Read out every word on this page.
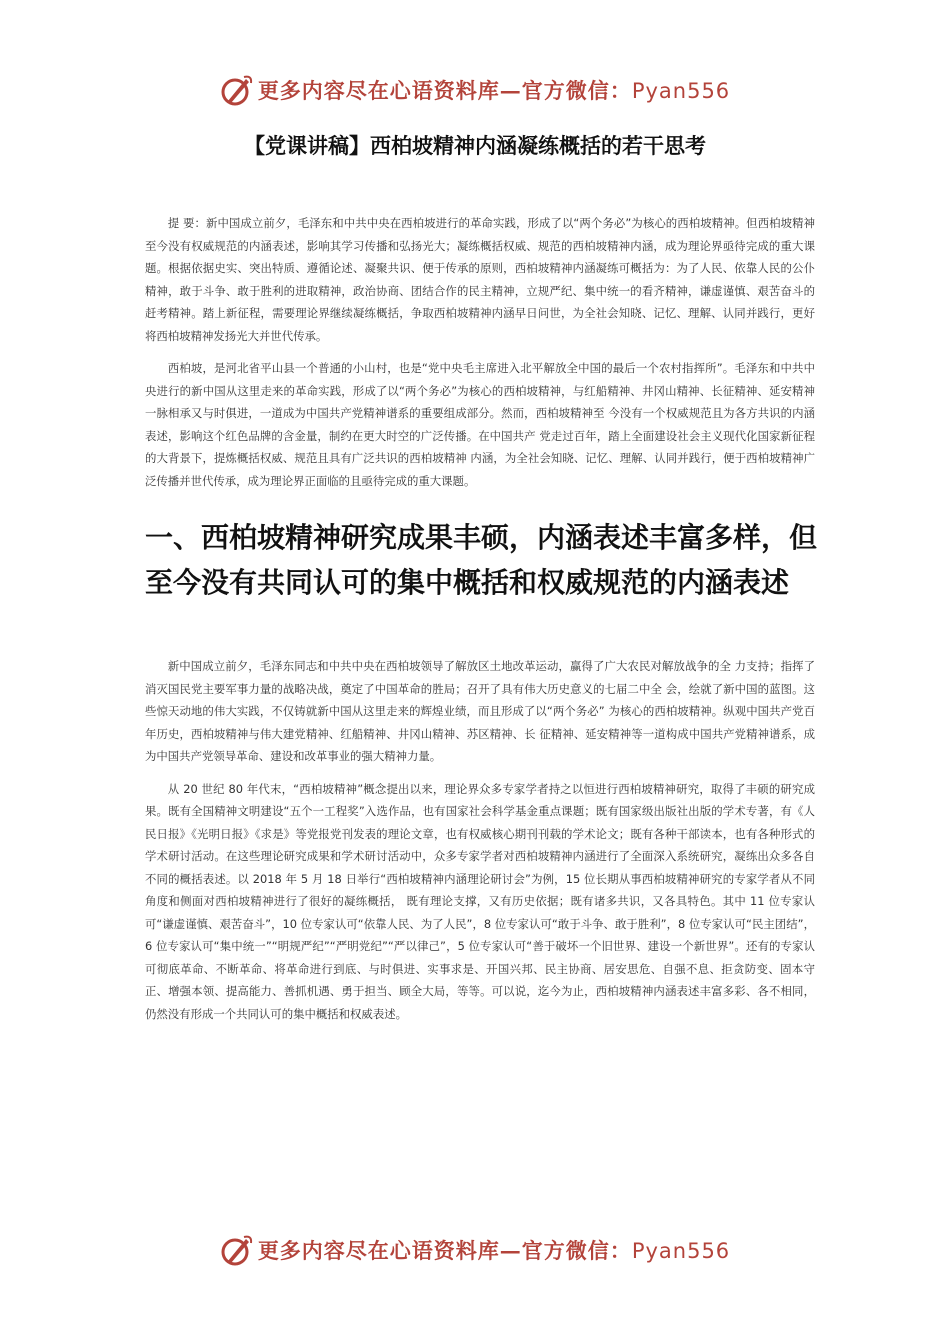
更多内容尽在心语资料库—官方微信：Pyan556
【党课讲稿】西柏坡精神内涵凝练概括的若干思考

提 要：新中国成立前夕，毛泽东和中共中央在西柏坡进行的革命实践，形成了以“两个务必”为核心的西柏坡精神。但西柏坡精神至今没有权威规范的内涵表述，影响其学习传播和弘扬光大；凝练概括权威、规范的西柏坡精神内涵，成为理论界亟待完成的重大课题。根据依据史实、突出特质、遵循论述、凝聚共识、便于传承的原则，西柏坡精神内涵凝练可概括为：为了人民、依靠人民的公仆精神，敢于斗争、敢于胜利的进取精神，政治协商、团结合作的民主精神，立规严纪、集中统一的看齐精神，谦虚谨慎、艰苦奋斗的赶考精神。踏上新征程，需要理论界继续凝练概括，争取西柏坡精神内涵早日问世，为全社会知晓、记忆、理解、认同并践行，更好将西柏坡精神发扬光大并世代传承。

西柏坡，是河北省平山县一个普通的小山村，也是“党中央毛主席进入北平解放全中国的最后一个农村指挥所”。毛泽东和中共中央进行的新中国从这里走来的革命实践，形成了以“两个务必”为核心的西柏坡精神，与红船精神、井冈山精神、长征精神、延安精神一脉相承又与时俱进，一道成为中国共产党精神谱系的重要组成部分。然而，西柏坡精神至 今没有一个权威规范且为各方共识的内涵表述，影响这个红色品牌的含金量，制约在更大时空的广泛传播。在中国共产 党走过百年，踏上全面建设社会主义现代化国家新征程的大背景下，提炼概括权威、规范且具有广泛共识的西柏坡精神 内涵，为全社会知晓、记忆、理解、认同并践行，便于西柏坡精神广泛传播并世代传承，成为理论界正面临的且亟待完成的重大课题。

一、西柏坡精神研究成果丰硕，内涵表述丰富多样，但至今没有共同认可的集中概括和权威规范的内涵表述

新中国成立前夕，毛泽东同志和中共中央在西柏坡领导了解放区土地改革运动，赢得了广大农民对解放战争的全 力支持；指挥了消灭国民党主要军事力量的战略决战，奠定了中国革命的胜局；召开了具有伟大历史意义的七届二中全 会，绘就了新中国的蓝图。这些惊天动地的伟大实践，不仅铸就新中国从这里走来的辉煌业绩，而且形成了以“两个务必” 为核心的西柏坡精神。纵观中国共产党百年历史，西柏坡精神与伟大建党精神、红船精神、井冈山精神、苏区精神、长 征精神、延安精神等一道构成中国共产党精神谱系，成为中国共产党领导革命、建设和改革事业的强大精神力量。

从 20 世纪 80 年代末，“西柏坡精神”概念提出以来，理论界众多专家学者持之以恒进行西柏坡精神研究，取得了丰硕的研究成果。既有全国精神文明建设“五个一工程奖”入选作品，也有国家社会科学基金重点课题；既有国家级出版社出版的学术专著，有《人民日报》《光明日报》《求是》等党报党刊发表的理论文章，也有权威核心期刊刊载的学术论文；既有各种干部读本，也有各种形式的学术研讨活动。在这些理论研究成果和学术研讨活动中，众多专家学者对西柏坡精神内涵进行了全面深入系统研究，凝练出众多各自不同的概括表述。以 2018 年 5 月 18 日举行“西柏坡精神内涵理论研讨会”为例，15 位长期从事西柏坡精神研究的专家学者从不同角度和侧面对西柏坡精神进行了很好的凝练概括， 既有理论支撑，又有历史依据；既有诸多共识，又各具特色。其中 11 位专家认可“谦虚谨慎、艰苦奋斗”，10 位专家认可“依靠人民、为了人民”，8 位专家认可“敢于斗争、敢于胜利”，8 位专家认可“民主团结”，6 位专家认可“集中统一”“明规严纪”“严明党纪”“严以律己”，5 位专家认可“善于破坏一个旧世界、建设一个新世界”。还有的专家认可彻底革命、不断革命、将革命进行到底、与时俱进、实事求是、开国兴邦、民主协商、居安思危、自强不息、拒贪防变、固本守正、增强本领、提高能力、善抓机遇、勇于担当、顾全大局，等等。可以说，迄今为止，西柏坡精神内涵表述丰富多彩、各不相同，仍然没有形成一个共同认可的集中概括和权威表述。

更多内容尽在心语资料库—官方微信：Pyan556
